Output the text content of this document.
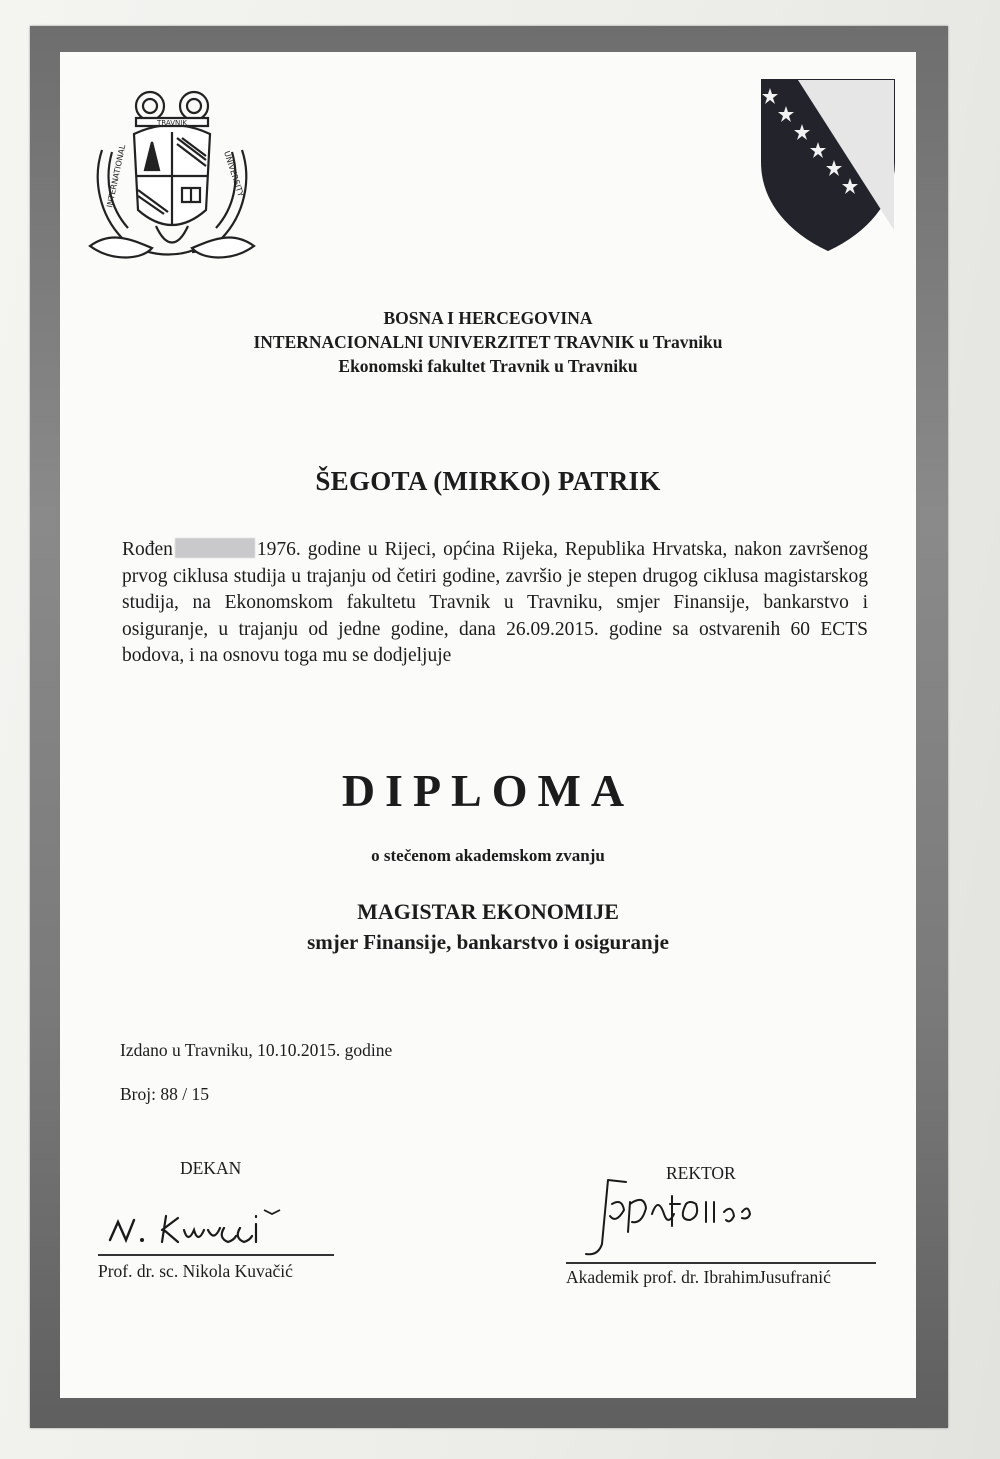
TRAVNIK
INTERNATIONAL	UNIVERSITY
BOSNA I HERCEGOVINA
INTERNACIONALNI UNIVERZITET TRAVNIK u Travniku
Ekonomski fakultet Travnik u Travniku
ŠEGOTA (MIRKO) PATRIK

Rođen	1976. godine u Rijeci, općina Rijeka, Republika Hrvatska, nakon završenog prvog ciklusa studija u trajanju od četiri godine, završio je stepen drugog ciklusa magistarskog studija, na Ekonomskom fakultetu Travnik u Travniku, smjer Finansije, bankarstvo i osiguranje, u trajanju od jedne godine, dana 26.09.2015. godine sa ostvarenih 60 ECTS bodova, i na osnovu toga mu se dodjeljuje

DIPLOMA
o stečenom akademskom zvanju
MAGISTAR EKONOMIJE
smjer Finansije, bankarstvo i osiguranje
Izdano u Travniku, 10.10.2015. godine
Broj: 88 / 15
DEKAN
Prof. dr. sc. Nikola Kuvačić
REKTOR
Akademik prof. dr. IbrahimJusufranić
